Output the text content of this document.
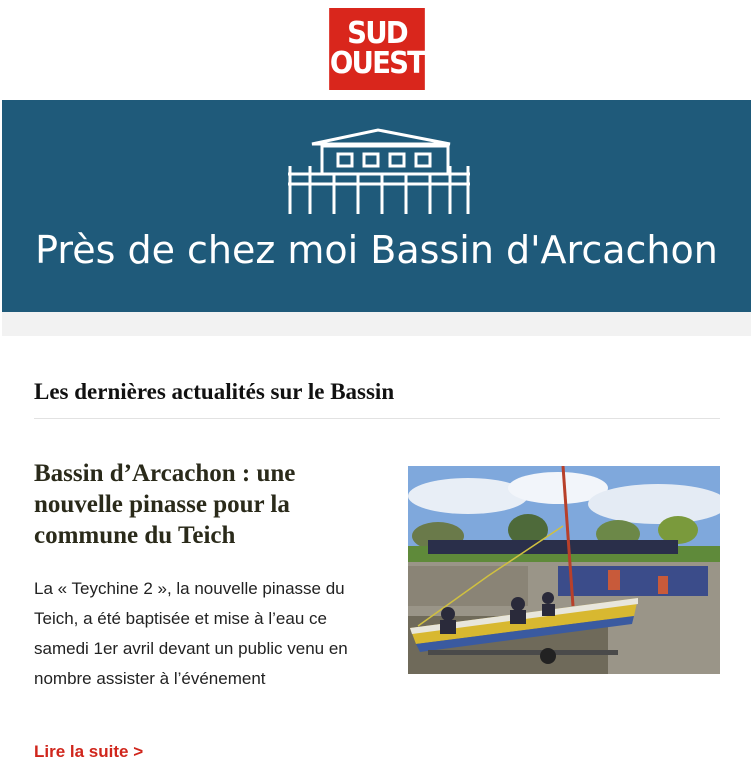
SUD
OUEST
Près de chez moi Bassin d'Arcachon
Les dernières actualités sur le Bassin
Bassin d’Arcachon : une nouvelle pinasse pour la commune du Teich
La « Teychine 2 », la nouvelle pinasse du Teich, a été baptisée et mise à l’eau ce samedi 1er avril devant un public venu en nombre assister à l’événement
Lire la suite >
